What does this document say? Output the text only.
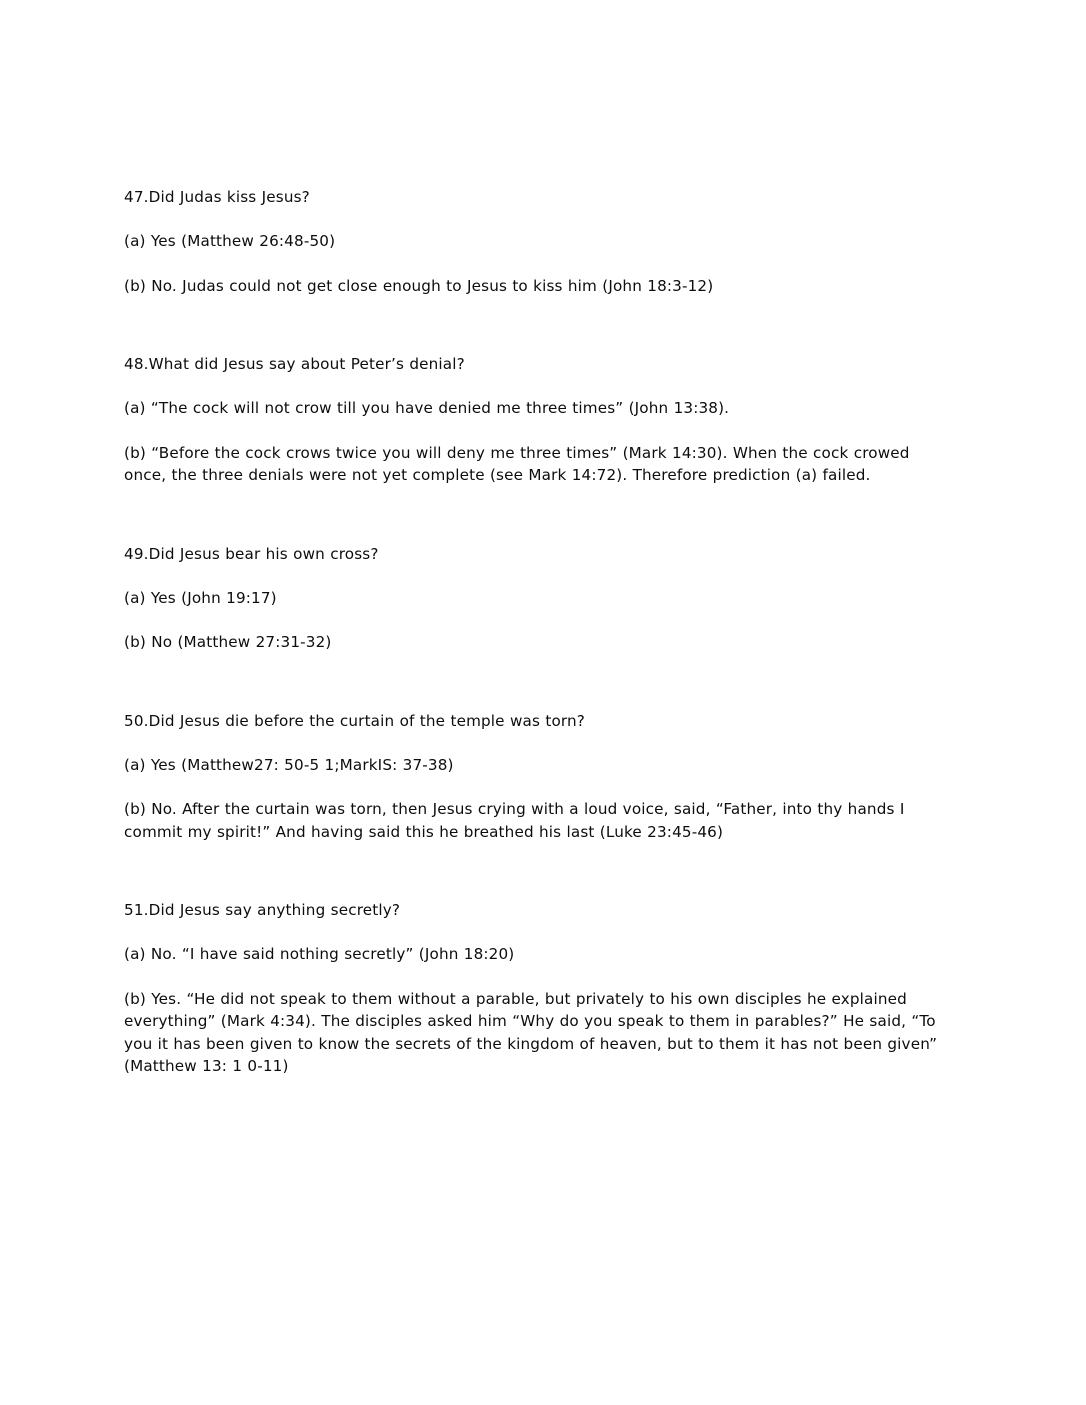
47.Did Judas kiss Jesus?

(a) Yes (Matthew 26:48-50)

(b) No. Judas could not get close enough to Jesus to kiss him (John 18:3-12)

48.What did Jesus say about Peter’s denial?

(a) “The cock will not crow till you have denied me three times” (John 13:38).

(b) “Before the cock crows twice you will deny me three times” (Mark 14:30). When the cock crowed once, the three denials were not yet complete (see Mark 14:72). Therefore prediction (a) failed.

49.Did Jesus bear his own cross?

(a) Yes (John 19:17)

(b) No (Matthew 27:31-32)

50.Did Jesus die before the curtain of the temple was torn?

(a) Yes (Matthew27: 50-5 1;MarkIS: 37-38)

(b) No. After the curtain was torn, then Jesus crying with a loud voice, said, “Father, into thy hands I commit my spirit!” And having said this he breathed his last (Luke 23:45-46)

51.Did Jesus say anything secretly?

(a) No. “I have said nothing secretly” (John 18:20)

(b) Yes. “He did not speak to them without a parable, but privately to his own disciples he explained everything” (Mark 4:34). The disciples asked him “Why do you speak to them in parables?” He said, “To you it has been given to know the secrets of the kingdom of heaven, but to them it has not been given” (Matthew 13: 1 0-11)
